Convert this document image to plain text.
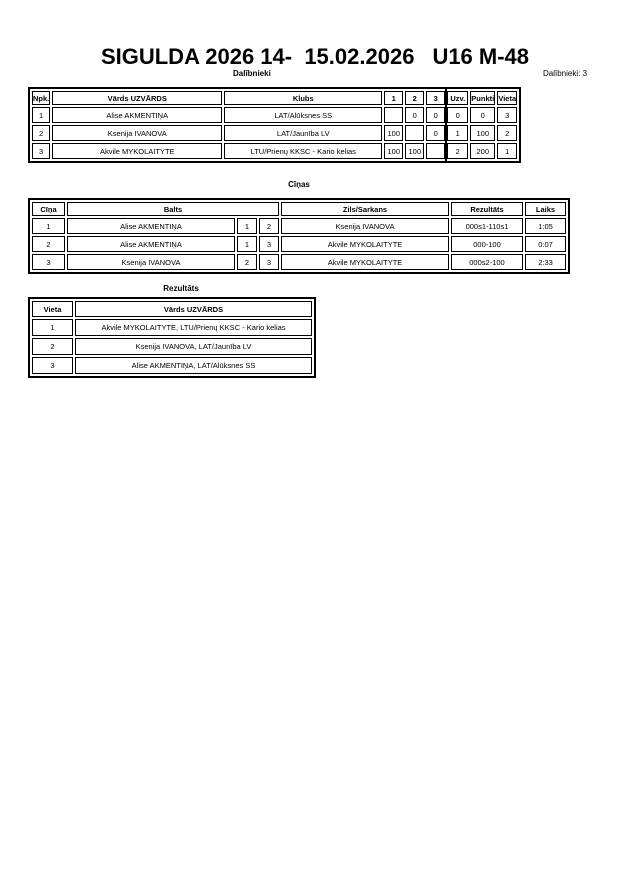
SIGULDA 2026 14-  15.02.2026 U16 M-48
Dalībnieki	Dalībnieki: 3
Npk.	Vārds UZVĀRDS	Klubs	1	2	3	Uzv.	Punkti	Vieta
1	Alise AKMENTIŅA	LAT/Alūksnes SS		0	0	0	0	3
2	Ksenija IVANOVA	LAT/Jaunība LV	100		0	1	100	2
3	Akvile MYKOLAITYTE	LTU/Prienų KKSC - Kario kelias	100	100		2	200	1
Cīņas
Cīņa	Balts			Zils/Sarkans	Rezultāts	Laiks
1	Alise AKMENTIŅA	1	2	Ksenija IVANOVA	000s1-110s1	1:05
2	Alise AKMENTIŅA	1	3	Akvile MYKOLAITYTE	000-100	0:07
3	Ksenija IVANOVA	2	3	Akvile MYKOLAITYTE	000s2-100	2:33
Rezultāts
Vieta	Vārds UZVĀRDS
1	Akvile MYKOLAITYTE, LTU/Prienų KKSC - Kario kelias
2	Ksenija IVANOVA, LAT/Jaunība LV
3	Alise AKMENTIŅA, LAT/Alūksnes SS
